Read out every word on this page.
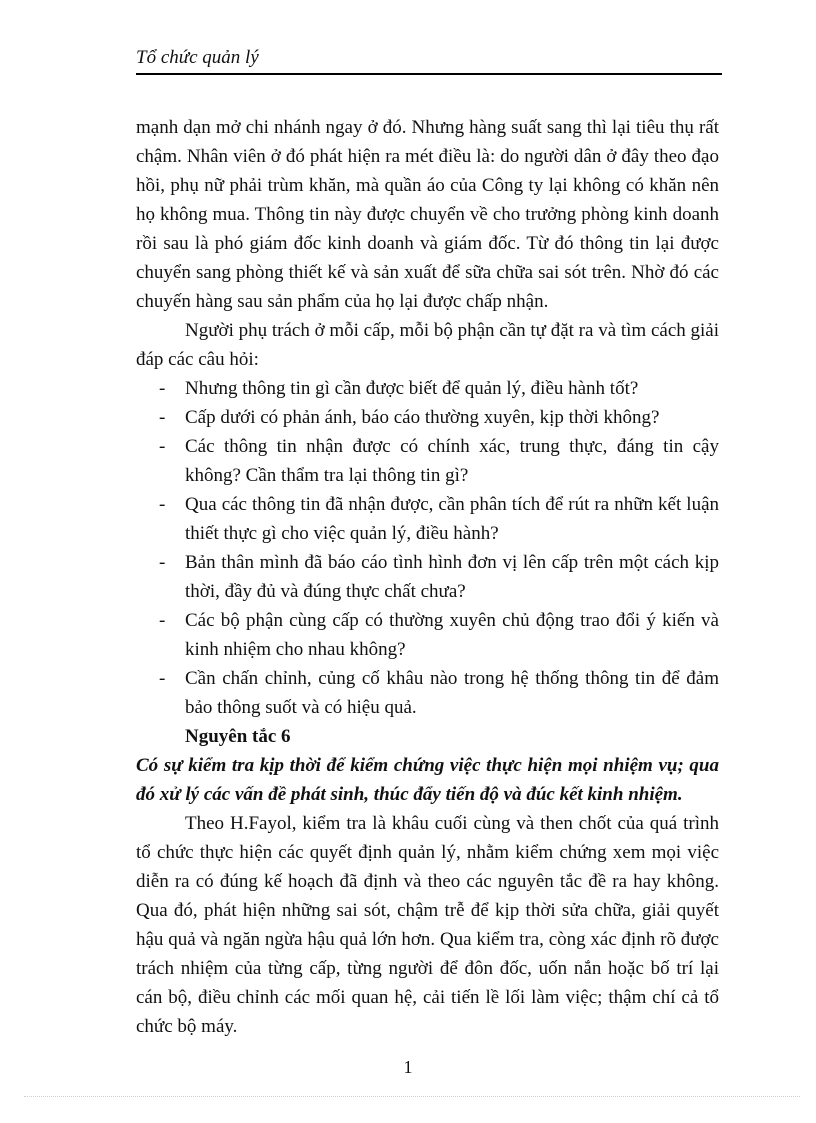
Tổ chức quản lý

mạnh dạn mở chi nhánh ngay ở đó. Nhưng hàng suất sang thì lại tiêu thụ rất chậm. Nhân viên ở đó phát hiện ra mét điều là: do người dân ở đây theo đạo hồi, phụ nữ phải trùm khăn, mà quần áo của Công ty lại không có khăn nên họ không mua. Thông tin này được chuyển về cho trưởng phòng kinh doanh rồi sau là phó giám đốc kinh doanh và giám đốc. Từ đó thông tin lại được chuyển sang phòng thiết kế và sản xuất để sữa chữa sai sót trên. Nhờ đó các chuyến hàng sau sản phẩm của họ lại được chấp nhận.

Người phụ trách ở mỗi cấp, mỗi bộ phận cần tự đặt ra và tìm cách giải đáp các câu hỏi:

- Nhưng thông tin gì cần được biết để quản lý, điều hành tốt?
- Cấp dưới có phản ánh, báo cáo thường xuyên, kịp thời không?
- Các thông tin nhận được có chính xác, trung thực, đáng tin cậy không? Cần thẩm tra lại thông tin gì?
- Qua các thông tin đã nhận được, cần phân tích để rút ra nhữn kết luận thiết thực gì cho việc quản lý, điều hành?
- Bản thân mình đã báo cáo tình hình đơn vị lên cấp trên một cách kịp thời, đầy đủ và đúng thực chất chưa?
- Các bộ phận cùng cấp có thường xuyên chủ động trao đổi ý kiến và kinh nhiệm cho nhau không?
- Cần chấn chỉnh, củng cố khâu nào trong hệ thống thông tin để đảm bảo thông suốt và có hiệu quả.

Nguyên tắc 6

Có sự kiểm tra kịp thời để kiểm chứng việc thực hiện mọi nhiệm vụ; qua đó xử lý các vấn đề phát sinh, thúc đẩy tiến độ và đúc kết kinh nhiệm.

Theo H.Fayol, kiểm tra là khâu cuối cùng và then chốt của quá trình tổ chức thực hiện các quyết định quản lý, nhằm kiểm chứng xem mọi việc diễn ra có đúng kế hoạch đã định và theo các nguyên tắc đề ra hay không. Qua đó, phát hiện những sai sót, chậm trễ để kịp thời sửa chữa, giải quyết hậu quả và ngăn ngừa hậu quả lớn hơn. Qua kiểm tra, còng xác định rõ được trách nhiệm của từng cấp, từng người để đôn đốc, uốn nắn hoặc bố trí lại cán bộ, điều chỉnh các mối quan hệ, cải tiến lề lối làm việc; thậm chí cả tổ chức bộ máy.

1
